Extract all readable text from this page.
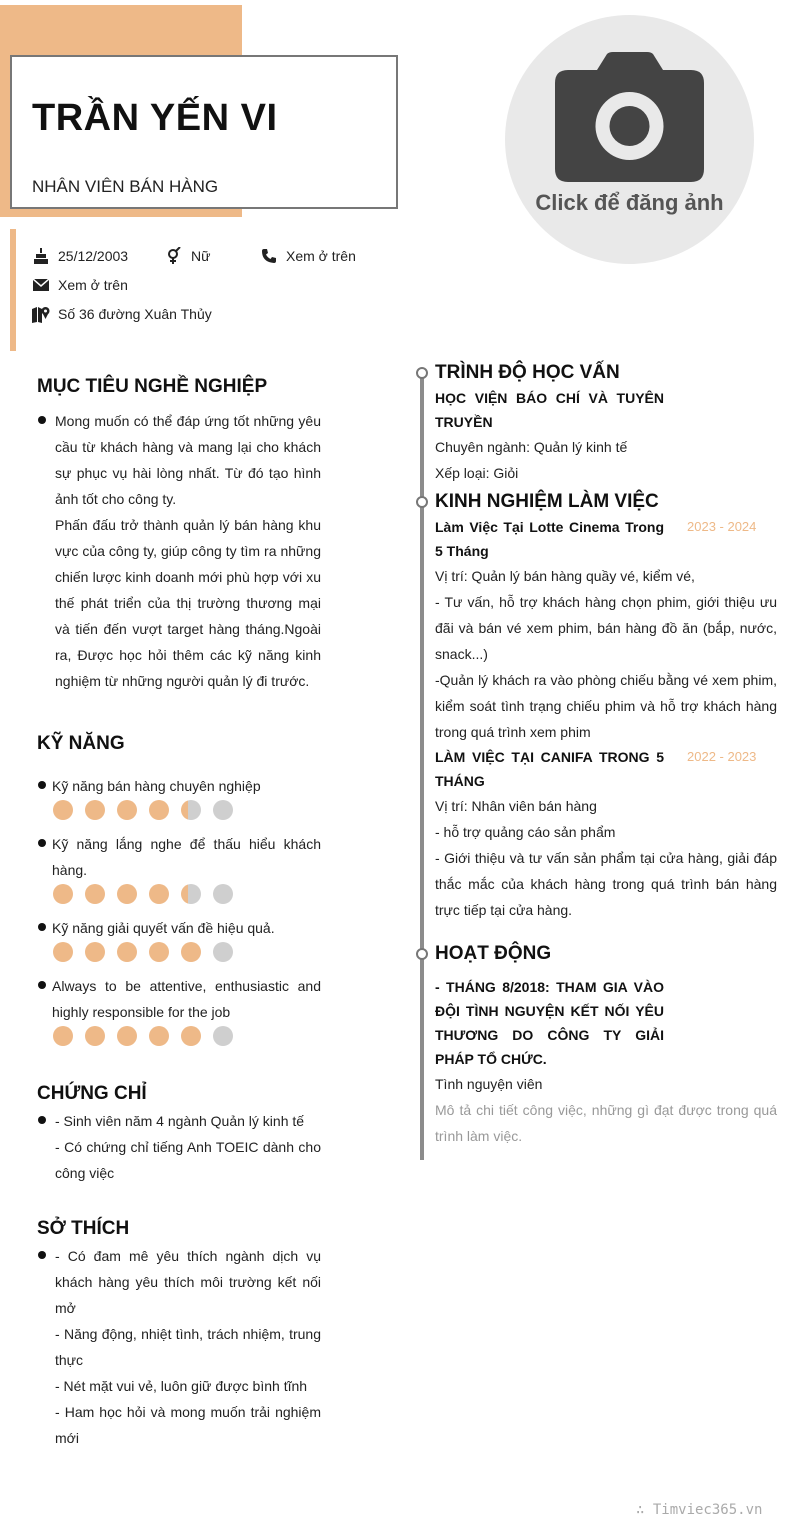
TRẦN YẾN VI
NHÂN VIÊN BÁN HÀNG
Click để đăng ảnh
25/12/2003	Nữ	Xem ở trên
Xem ở trên
Số 36 đường Xuân Thủy
MỤC TIÊU NGHỀ NGHIỆP
Mong muốn có thể đáp ứng tốt những yêu cầu từ khách hàng và mang lại cho khách sự phục vụ hài lòng nhất. Từ đó tạo hình ảnh tốt cho công ty.
Phấn đấu trở thành quản lý bán hàng khu vực của công ty, giúp công ty tìm ra những chiến lược kinh doanh mới phù hợp với xu thế phát triển của thị trường thương mại và tiến đến vượt target hàng tháng.Ngoài ra, Được học hỏi thêm các kỹ năng kinh nghiệm từ những người quản lý đi trước.
KỸ NĂNG
Kỹ năng bán hàng chuyên nghiệp
Kỹ năng lắng nghe để thấu hiểu khách hàng.
Kỹ năng giải quyết vấn đề hiệu quả.
Always to be attentive, enthusiastic and highly responsible for the job
CHỨNG CHỈ
- Sinh viên năm 4 ngành Quản lý kinh tế
- Có chứng chỉ tiếng Anh TOEIC dành cho công việc
SỞ THÍCH
- Có đam mê yêu thích ngành dịch vụ khách hàng yêu thích môi trường kết nối mở
- Năng động, nhiệt tình, trách nhiệm, trung thực
- Nét mặt vui vẻ, luôn giữ được bình tĩnh
- Ham học hỏi và mong muốn trải nghiệm mới
TRÌNH ĐỘ HỌC VẤN
HỌC VIỆN BÁO CHÍ VÀ TUYÊN TRUYỀN
Chuyên ngành: Quản lý kinh tế
Xếp loại: Giỏi
KINH NGHIỆM LÀM VIỆC
Làm Việc Tại Lotte Cinema Trong 5 Tháng
2023 - 2024
Vị trí: Quản lý bán hàng quầy vé, kiểm vé,
- Tư vấn, hỗ trợ khách hàng chọn phim, giới thiệu ưu đãi và bán vé xem phim, bán hàng đồ ăn (bắp, nước, snack...)
-Quản lý khách ra vào phòng chiếu bằng vé xem phim, kiểm soát tình trạng chiếu phim và hỗ trợ khách hàng trong quá trình xem phim
LÀM VIỆC TẠI CANIFA TRONG 5 THÁNG
2022 - 2023
Vị trí: Nhân viên bán hàng
- hỗ trợ quảng cáo sản phẩm
- Giới thiệu và tư vấn sản phẩm tại cửa hàng, giải đáp thắc mắc của khách hàng trong quá trình bán hàng trực tiếp tại cửa hàng.
HOẠT ĐỘNG
- THÁNG 8/2018: THAM GIA VÀO ĐỘI TÌNH NGUYỆN KẾT NỐI YÊU THƯƠNG DO CÔNG TY GIẢI PHÁP TỔ CHỨC.
Tình nguyện viên
Mô tả chi tiết công việc, những gì đạt được trong quá trình làm việc.
∴ Timviec365.vn
